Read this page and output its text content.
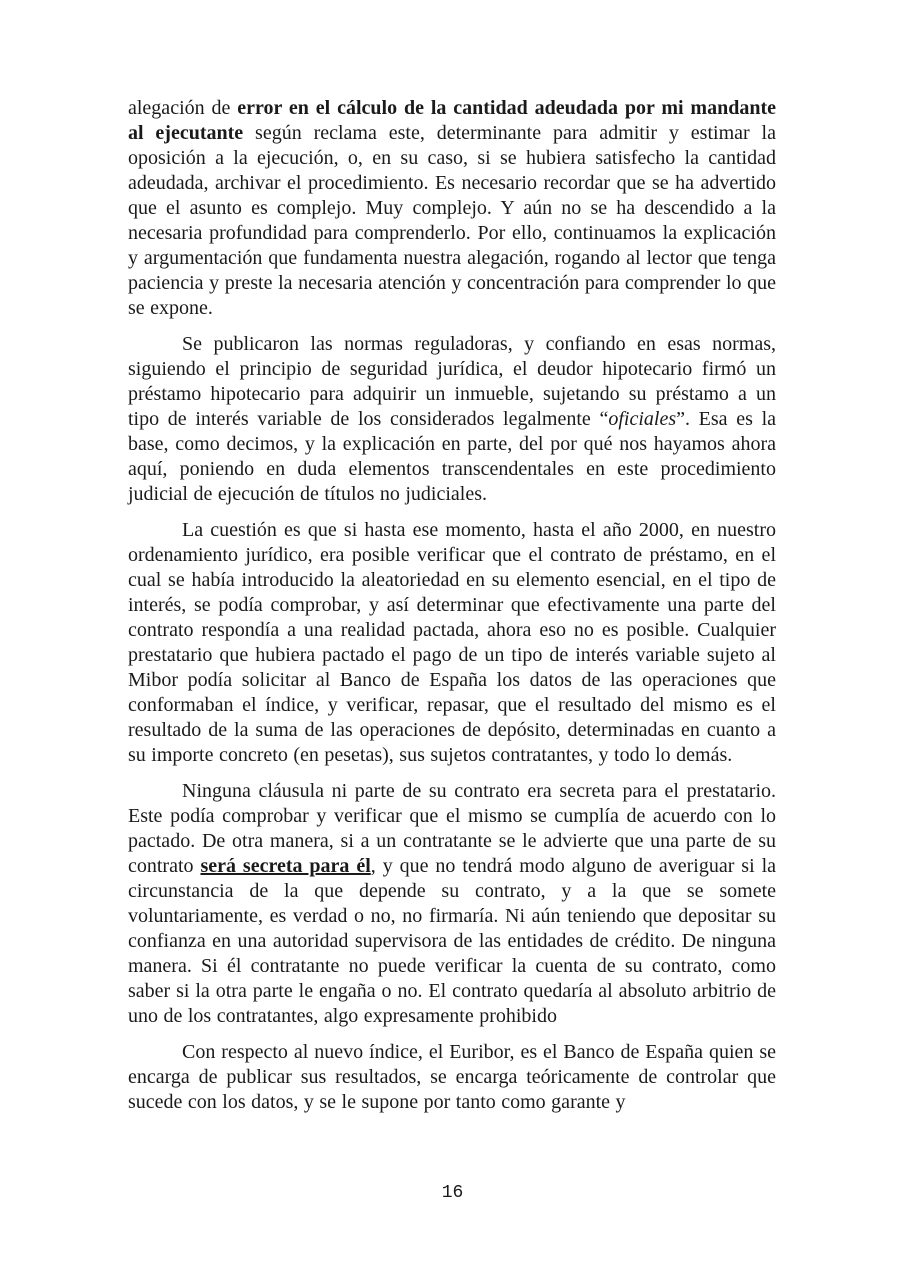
alegación de error en el cálculo de la cantidad adeudada por mi mandante al ejecutante según reclama este, determinante para admitir y estimar la oposición a la ejecución, o, en su caso, si se hubiera satisfecho la cantidad adeudada, archivar el procedimiento. Es necesario recordar que se ha advertido que el asunto es complejo. Muy complejo. Y aún no se ha descendido a la necesaria profundidad para comprenderlo. Por ello, continuamos la explicación y argumentación que fundamenta nuestra alegación, rogando al lector que tenga paciencia y preste la necesaria atención y concentración para comprender lo que se expone.

Se publicaron las normas reguladoras, y confiando en esas normas, siguiendo el principio de seguridad jurídica, el deudor hipotecario firmó un préstamo hipotecario para adquirir un inmueble, sujetando su préstamo a un tipo de interés variable de los considerados legalmente “oficiales”. Esa es la base, como decimos, y la explicación en parte, del por qué nos hayamos ahora aquí, poniendo en duda elementos transcendentales en este procedimiento judicial de ejecución de títulos no judiciales.

La cuestión es que si hasta ese momento, hasta el año 2000, en nuestro ordenamiento jurídico, era posible verificar que el contrato de préstamo, en el cual se había introducido la aleatoriedad en su elemento esencial, en el tipo de interés, se podía comprobar, y así determinar que efectivamente una parte del contrato respondía a una realidad pactada, ahora eso no es posible. Cualquier prestatario que hubiera pactado el pago de un tipo de interés variable sujeto al Mibor podía solicitar al Banco de España los datos de las operaciones que conformaban el índice, y verificar, repasar, que el resultado del mismo es el resultado de la suma de las operaciones de depósito, determinadas en cuanto a su importe concreto (en pesetas), sus sujetos contratantes, y todo lo demás.

Ninguna cláusula ni parte de su contrato era secreta para el prestatario. Este podía comprobar y verificar que el mismo se cumplía de acuerdo con lo pactado. De otra manera, si a un contratante se le advierte que una parte de su contrato será secreta para él, y que no tendrá modo alguno de averiguar si la circunstancia de la que depende su contrato, y a la que se somete voluntariamente, es verdad o no, no firmaría. Ni aún teniendo que depositar su confianza en una autoridad supervisora de las entidades de crédito. De ninguna manera. Si él contratante no puede verificar la cuenta de su contrato, como saber si la otra parte le engaña o no. El contrato quedaría al absoluto arbitrio de uno de los contratantes, algo expresamente prohibido

Con respecto al nuevo índice, el Euribor, es el Banco de España quien se encarga de publicar sus resultados, se encarga teóricamente de controlar que sucede con los datos, y se le supone por tanto como garante y

16
